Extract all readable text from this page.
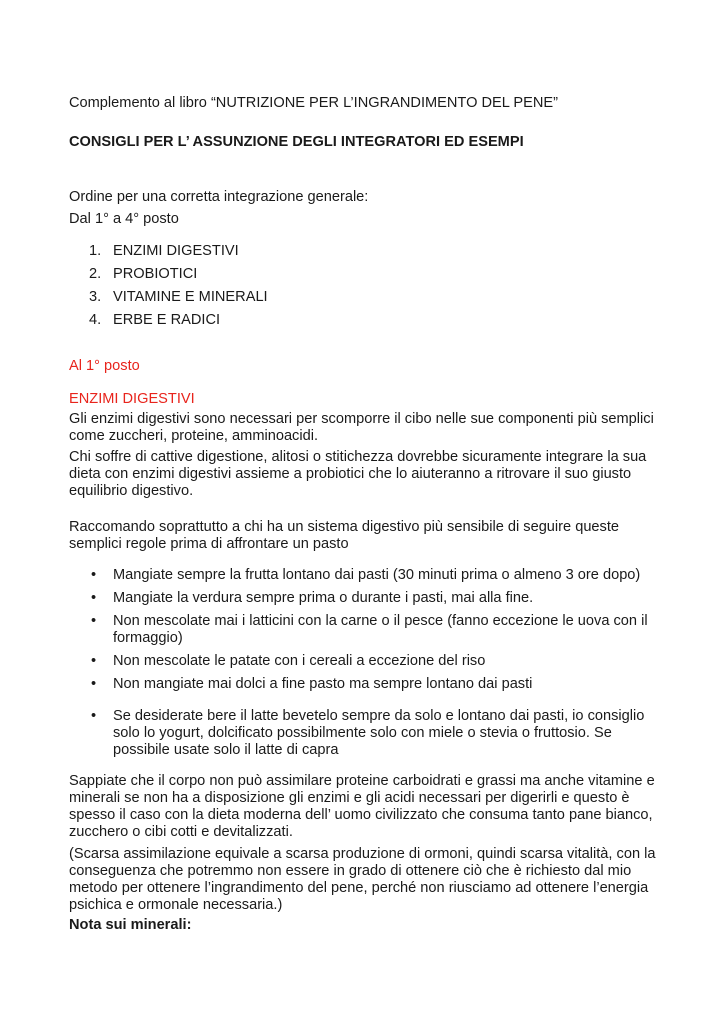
Complemento al libro “NUTRIZIONE PER L’INGRANDIMENTO DEL PENE”

CONSIGLI PER L’ ASSUNZIONE DEGLI INTEGRATORI ED ESEMPI

Ordine per una corretta integrazione generale:

Dal 1° a 4° posto

1. ENZIMI DIGESTIVI
2. PROBIOTICI
3. VITAMINE E MINERALI
4. ERBE E RADICI

Al 1° posto

ENZIMI DIGESTIVI

Gli enzimi digestivi sono necessari per scomporre il cibo nelle sue componenti più semplici come zuccheri, proteine, amminoacidi.

Chi soffre di cattive digestione, alitosi o stitichezza dovrebbe sicuramente integrare la sua dieta con enzimi digestivi assieme a probiotici che lo aiuteranno a ritrovare il suo giusto equilibrio digestivo.

Raccomando soprattutto a chi ha un sistema digestivo più sensibile di seguire queste semplici regole prima di affrontare un pasto

• Mangiate sempre la frutta lontano dai pasti (30 minuti prima o almeno 3 ore dopo)
• Mangiate la verdura sempre prima o durante i pasti, mai alla fine.
• Non mescolate mai i latticini con la carne o il pesce (fanno eccezione le uova con il formaggio)
• Non mescolate le patate con i cereali a eccezione del riso
• Non mangiate mai dolci a fine pasto ma sempre lontano dai pasti
• Se desiderate bere il latte bevetelo sempre da solo e lontano dai pasti, io consiglio solo lo yogurt, dolcificato possibilmente solo con miele o stevia o fruttosio. Se possibile usate solo il latte di capra

Sappiate che il corpo non può assimilare proteine carboidrati e grassi ma anche vitamine e minerali se non ha a disposizione gli enzimi e gli acidi necessari per digerirli e questo è spesso il caso con la dieta moderna dell’ uomo civilizzato che consuma tanto pane bianco, zucchero o cibi cotti e devitalizzati.

(Scarsa assimilazione equivale a scarsa produzione di ormoni, quindi scarsa vitalità, con la conseguenza che potremmo non essere in grado di ottenere ciò che è richiesto dal mio metodo per ottenere l’ingrandimento del pene, perché non riusciamo ad ottenere l’energia psichica e ormonale necessaria.)

Nota sui minerali:
